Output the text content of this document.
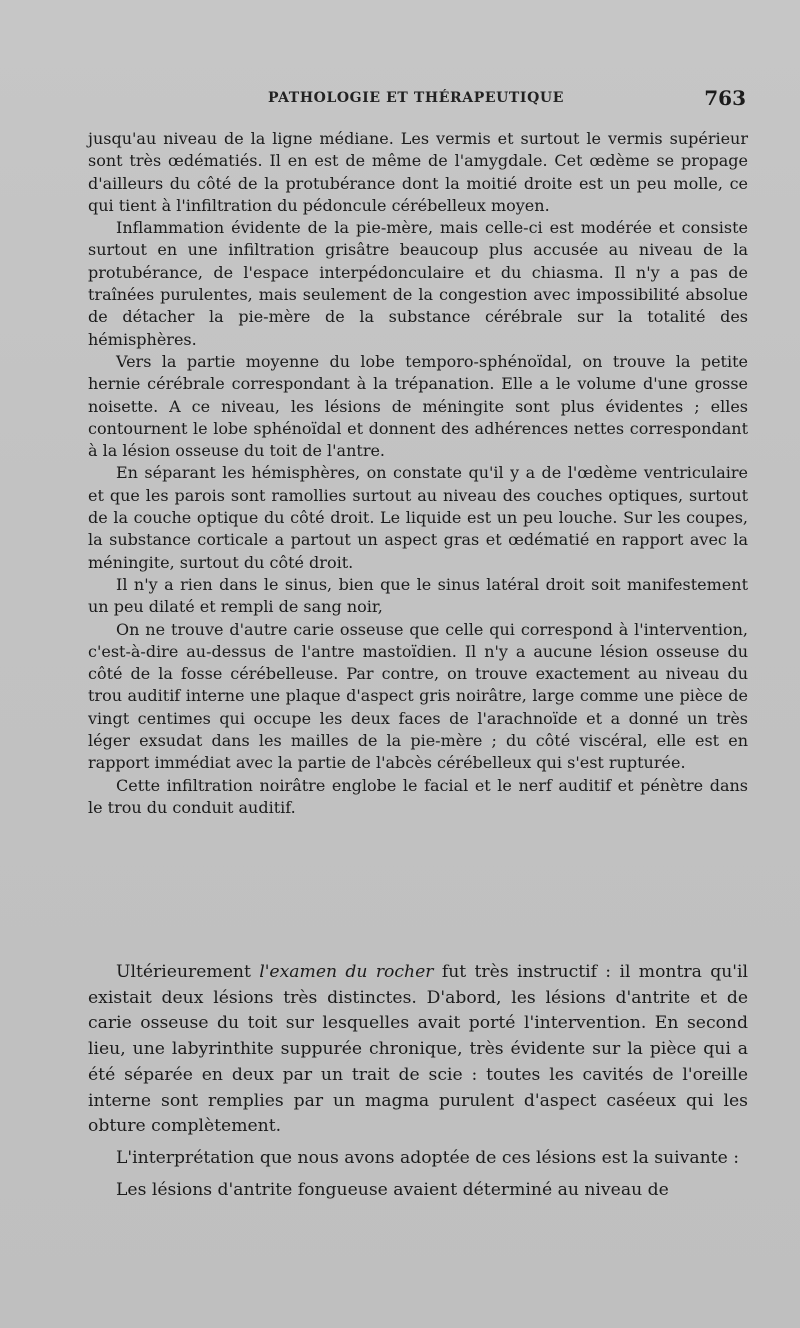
PATHOLOGIE ET THÉRAPEUTIQUE	763

jusqu'au niveau de la ligne médiane. Les vermis et surtout le vermis supérieur sont très œdématiés. Il en est de même de l'amygdale. Cet œdème se propage d'ailleurs du côté de la protubérance dont la moitié droite est un peu molle, ce qui tient à l'infiltration du pédoncule cérébelleux moyen.

Inflammation évidente de la pie-mère, mais celle-ci est modérée et consiste surtout en une infiltration grisâtre beaucoup plus accusée au niveau de la protubérance, de l'espace interpédonculaire et du chiasma. Il n'y a pas de traînées purulentes, mais seulement de la congestion avec impossibilité absolue de détacher la pie-mère de la substance cérébrale sur la totalité des hémisphères.

Vers la partie moyenne du lobe temporo-sphénoïdal, on trouve la petite hernie cérébrale correspondant à la trépanation. Elle a le volume d'une grosse noisette. A ce niveau, les lésions de méningite sont plus évidentes ; elles contournent le lobe sphénoïdal et donnent des adhérences nettes correspondant à la lésion osseuse du toit de l'antre.

En séparant les hémisphères, on constate qu'il y a de l'œdème ventriculaire et que les parois sont ramollies surtout au niveau des couches optiques, surtout de la couche optique du côté droit. Le liquide est un peu louche. Sur les coupes, la substance corticale a partout un aspect gras et œdématié en rapport avec la méningite, surtout du côté droit.

Il n'y a rien dans le sinus, bien que le sinus latéral droit soit manifestement un peu dilaté et rempli de sang noir,

On ne trouve d'autre carie osseuse que celle qui correspond à l'intervention, c'est-à-dire au-dessus de l'antre mastoïdien. Il n'y a aucune lésion osseuse du côté de la fosse cérébelleuse. Par contre, on trouve exactement au niveau du trou auditif interne une plaque d'aspect gris noirâtre, large comme une pièce de vingt centimes qui occupe les deux faces de l'arachnoïde et a donné un très léger exsudat dans les mailles de la pie-mère ; du côté viscéral, elle est en rapport immédiat avec la partie de l'abcès cérébelleux qui s'est rupturée.

Cette infiltration noirâtre englobe le facial et le nerf auditif et pénètre dans le trou du conduit auditif.

Ultérieurement l'examen du rocher fut très instructif : il montra qu'il existait deux lésions très distinctes. D'abord, les lésions d'antrite et de carie osseuse du toit sur lesquelles avait porté l'intervention. En second lieu, une labyrinthite suppurée chronique, très évidente sur la pièce qui a été séparée en deux par un trait de scie : toutes les cavités de l'oreille interne sont remplies par un magma purulent d'aspect caséeux qui les obture complètement.

L'interprétation que nous avons adoptée de ces lésions est la suivante :

Les lésions d'antrite fongueuse avaient déterminé au niveau de
